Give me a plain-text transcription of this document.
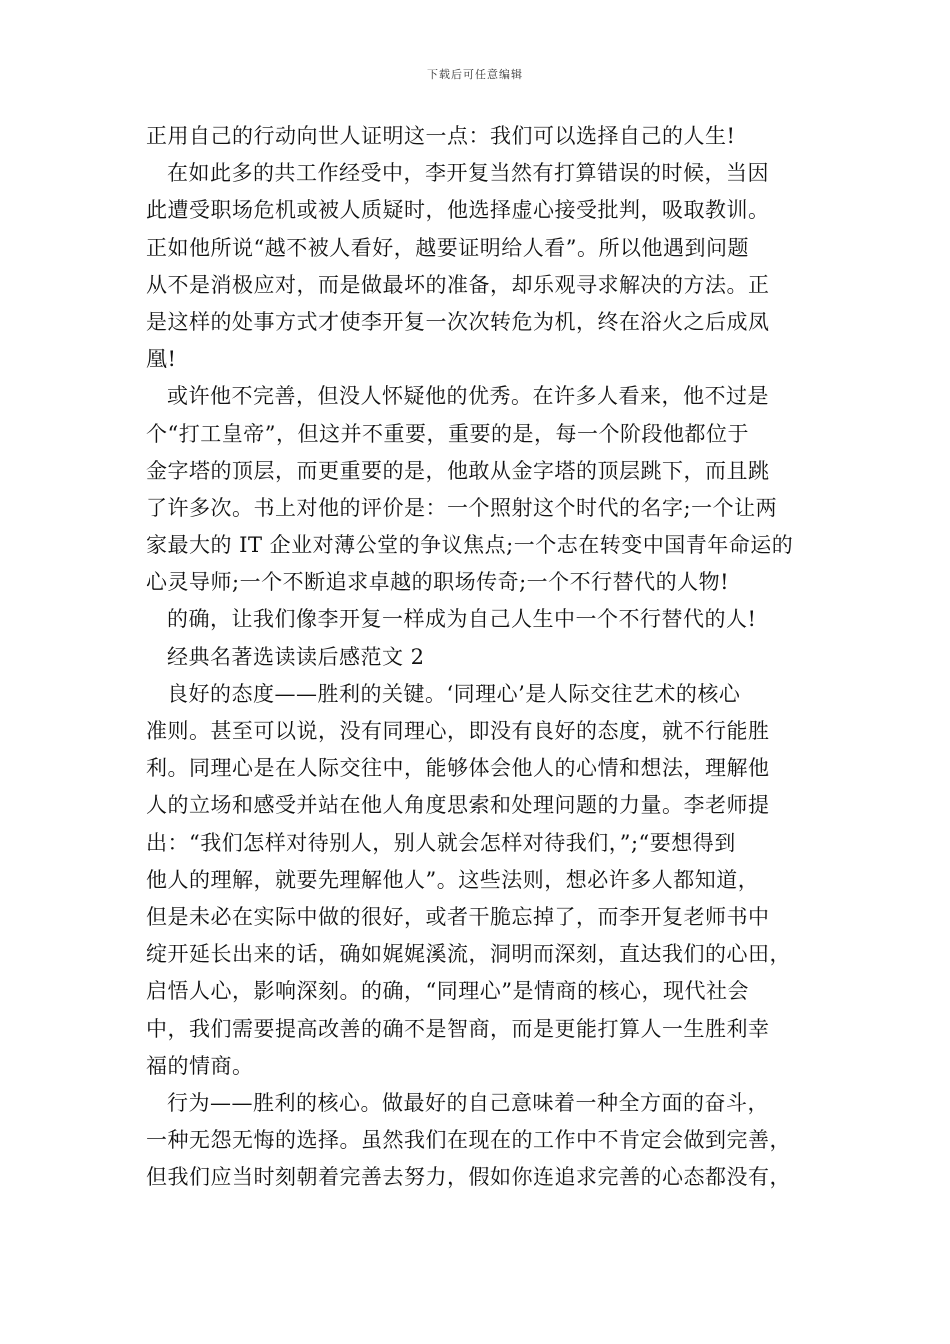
下载后可任意编辑
正用自己的行动向世人证明这一点：我们可以选择自己的人生!
在如此多的共工作经受中，李开复当然有打算错误的时候，当因
此遭受职场危机或被人质疑时，他选择虚心接受批判，吸取教训。
正如他所说“越不被人看好，越要证明给人看”。所以他遇到问题
从不是消极应对，而是做最坏的准备，却乐观寻求解决的方法。正
是这样的处事方式才使李开复一次次转危为机，终在浴火之后成凤
凰!
或许他不完善，但没人怀疑他的优秀。在许多人看来，他不过是
个“打工皇帝”，但这并不重要，重要的是，每一个阶段他都位于
金字塔的顶层，而更重要的是，他敢从金字塔的顶层跳下，而且跳
了许多次。书上对他的评价是：一个照射这个时代的名字;一个让两
家最大的 IT 企业对薄公堂的争议焦点;一个志在转变中国青年命运的
心灵导师;一个不断追求卓越的职场传奇;一个不行替代的人物!
的确，让我们像李开复一样成为自己人生中一个不行替代的人!
经典名著选读读后感范文 2
良好的态度——胜利的关键。‘同理心’是人际交往艺术的核心
准则。甚至可以说，没有同理心，即没有良好的态度，就不行能胜
利。同理心是在人际交往中，能够体会他人的心情和想法，理解他
人的立场和感受并站在他人角度思索和处理问题的力量。李老师提
出：“我们怎样对待别人，别人就会怎样对待我们，”;“要想得到
他人的理解，就要先理解他人”。这些法则，想必许多人都知道，
但是未必在实际中做的很好，或者干脆忘掉了，而李开复老师书中
绽开延长出来的话，确如娓娓溪流，洞明而深刻，直达我们的心田，
启悟人心，影响深刻。的确，“同理心”是情商的核心，现代社会
中，我们需要提高改善的确不是智商，而是更能打算人一生胜利幸
福的情商。
行为——胜利的核心。做最好的自己意味着一种全方面的奋斗，
一种无怨无悔的选择。虽然我们在现在的工作中不肯定会做到完善，
但我们应当时刻朝着完善去努力，假如你连追求完善的心态都没有，
